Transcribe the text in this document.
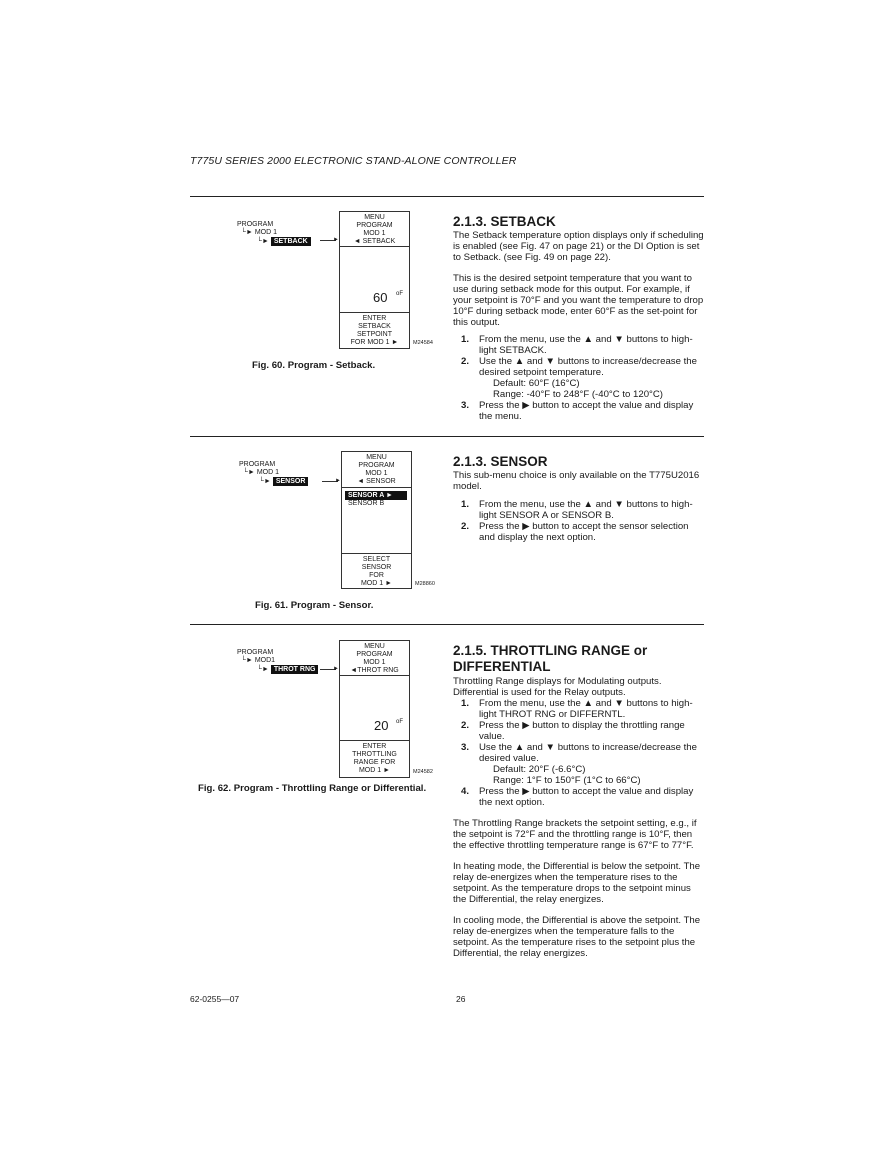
T775U SERIES 2000 ELECTRONIC STAND-ALONE CONTROLLER
PROGRAM
└► MOD 1
└► SETBACK	►
MENU
PROGRAM
MOD 1
◄ SETBACK
60 oF
ENTER
SETBACK
SETPOINT
FOR MOD 1 ►	M24584
Fig. 60. Program - Setback.
2.1.3. SETBACK
The Setback temperature option displays only if scheduling is enabled (see Fig. 47 on page 21) or the DI Option is set to Setback. (see Fig. 49 on page 22).
This is the desired setpoint temperature that you want to use during setback mode for this output. For example, if your setpoint is 70°F and you want the temperature to drop 10°F during setback mode, enter 60°F as the set-point for this output.
1. From the menu, use the ▲ and ▼ buttons to high-light SETBACK.
2. Use the ▲ and ▼ buttons to increase/decrease the desired setpoint temperature.
Default: 60°F (16°C)
Range: -40°F to 248°F (-40°C to 120°C)
3. Press the ▶ button to accept the value and display the menu.
PROGRAM
└► MOD 1
└► SENSOR	►
MENU
PROGRAM
MOD 1
◄ SENSOR
SENSOR A ►
SENSOR B
SELECT
SENSOR
FOR
MOD 1 ►	M28860
Fig. 61. Program - Sensor.
2.1.3. SENSOR
This sub-menu choice is only available on the T775U2016 model.
1. From the menu, use the ▲ and ▼ buttons to high-light SENSOR A or SENSOR B.
2. Press the ▶ button to accept the sensor selection and display the next option.
PROGRAM
└► MOD1
└► THROT RNG	►
MENU
PROGRAM
MOD 1
◄THROT RNG
20 oF
ENTER
THROTTLING
RANGE FOR
MOD 1 ►	M24582
Fig. 62. Program - Throttling Range or Differential.
2.1.5. THROTTLING RANGE or
DIFFERENTIAL
Throttling Range displays for Modulating outputs. Differential is used for the Relay outputs.
1. From the menu, use the ▲ and ▼ buttons to high-light THROT RNG or DIFFERNTL.
2. Press the ▶ button to display the throttling range value.
3. Use the ▲ and ▼ buttons to increase/decrease the desired value.
Default: 20°F (-6.6°C)
Range: 1°F to 150°F (1°C to 66°C)
4. Press the ▶ button to accept the value and display the next option.
The Throttling Range brackets the setpoint setting, e.g., if the setpoint is 72°F and the throttling range is 10°F, then the effective throttling temperature range is 67°F to 77°F.
In heating mode, the Differential is below the setpoint. The relay de-energizes when the temperature rises to the setpoint. As the temperature drops to the setpoint minus the Differential, the relay energizes.
In cooling mode, the Differential is above the setpoint. The relay de-energizes when the temperature falls to the setpoint. As the temperature rises to the setpoint plus the Differential, the relay energizes.
62-0255—07	26
